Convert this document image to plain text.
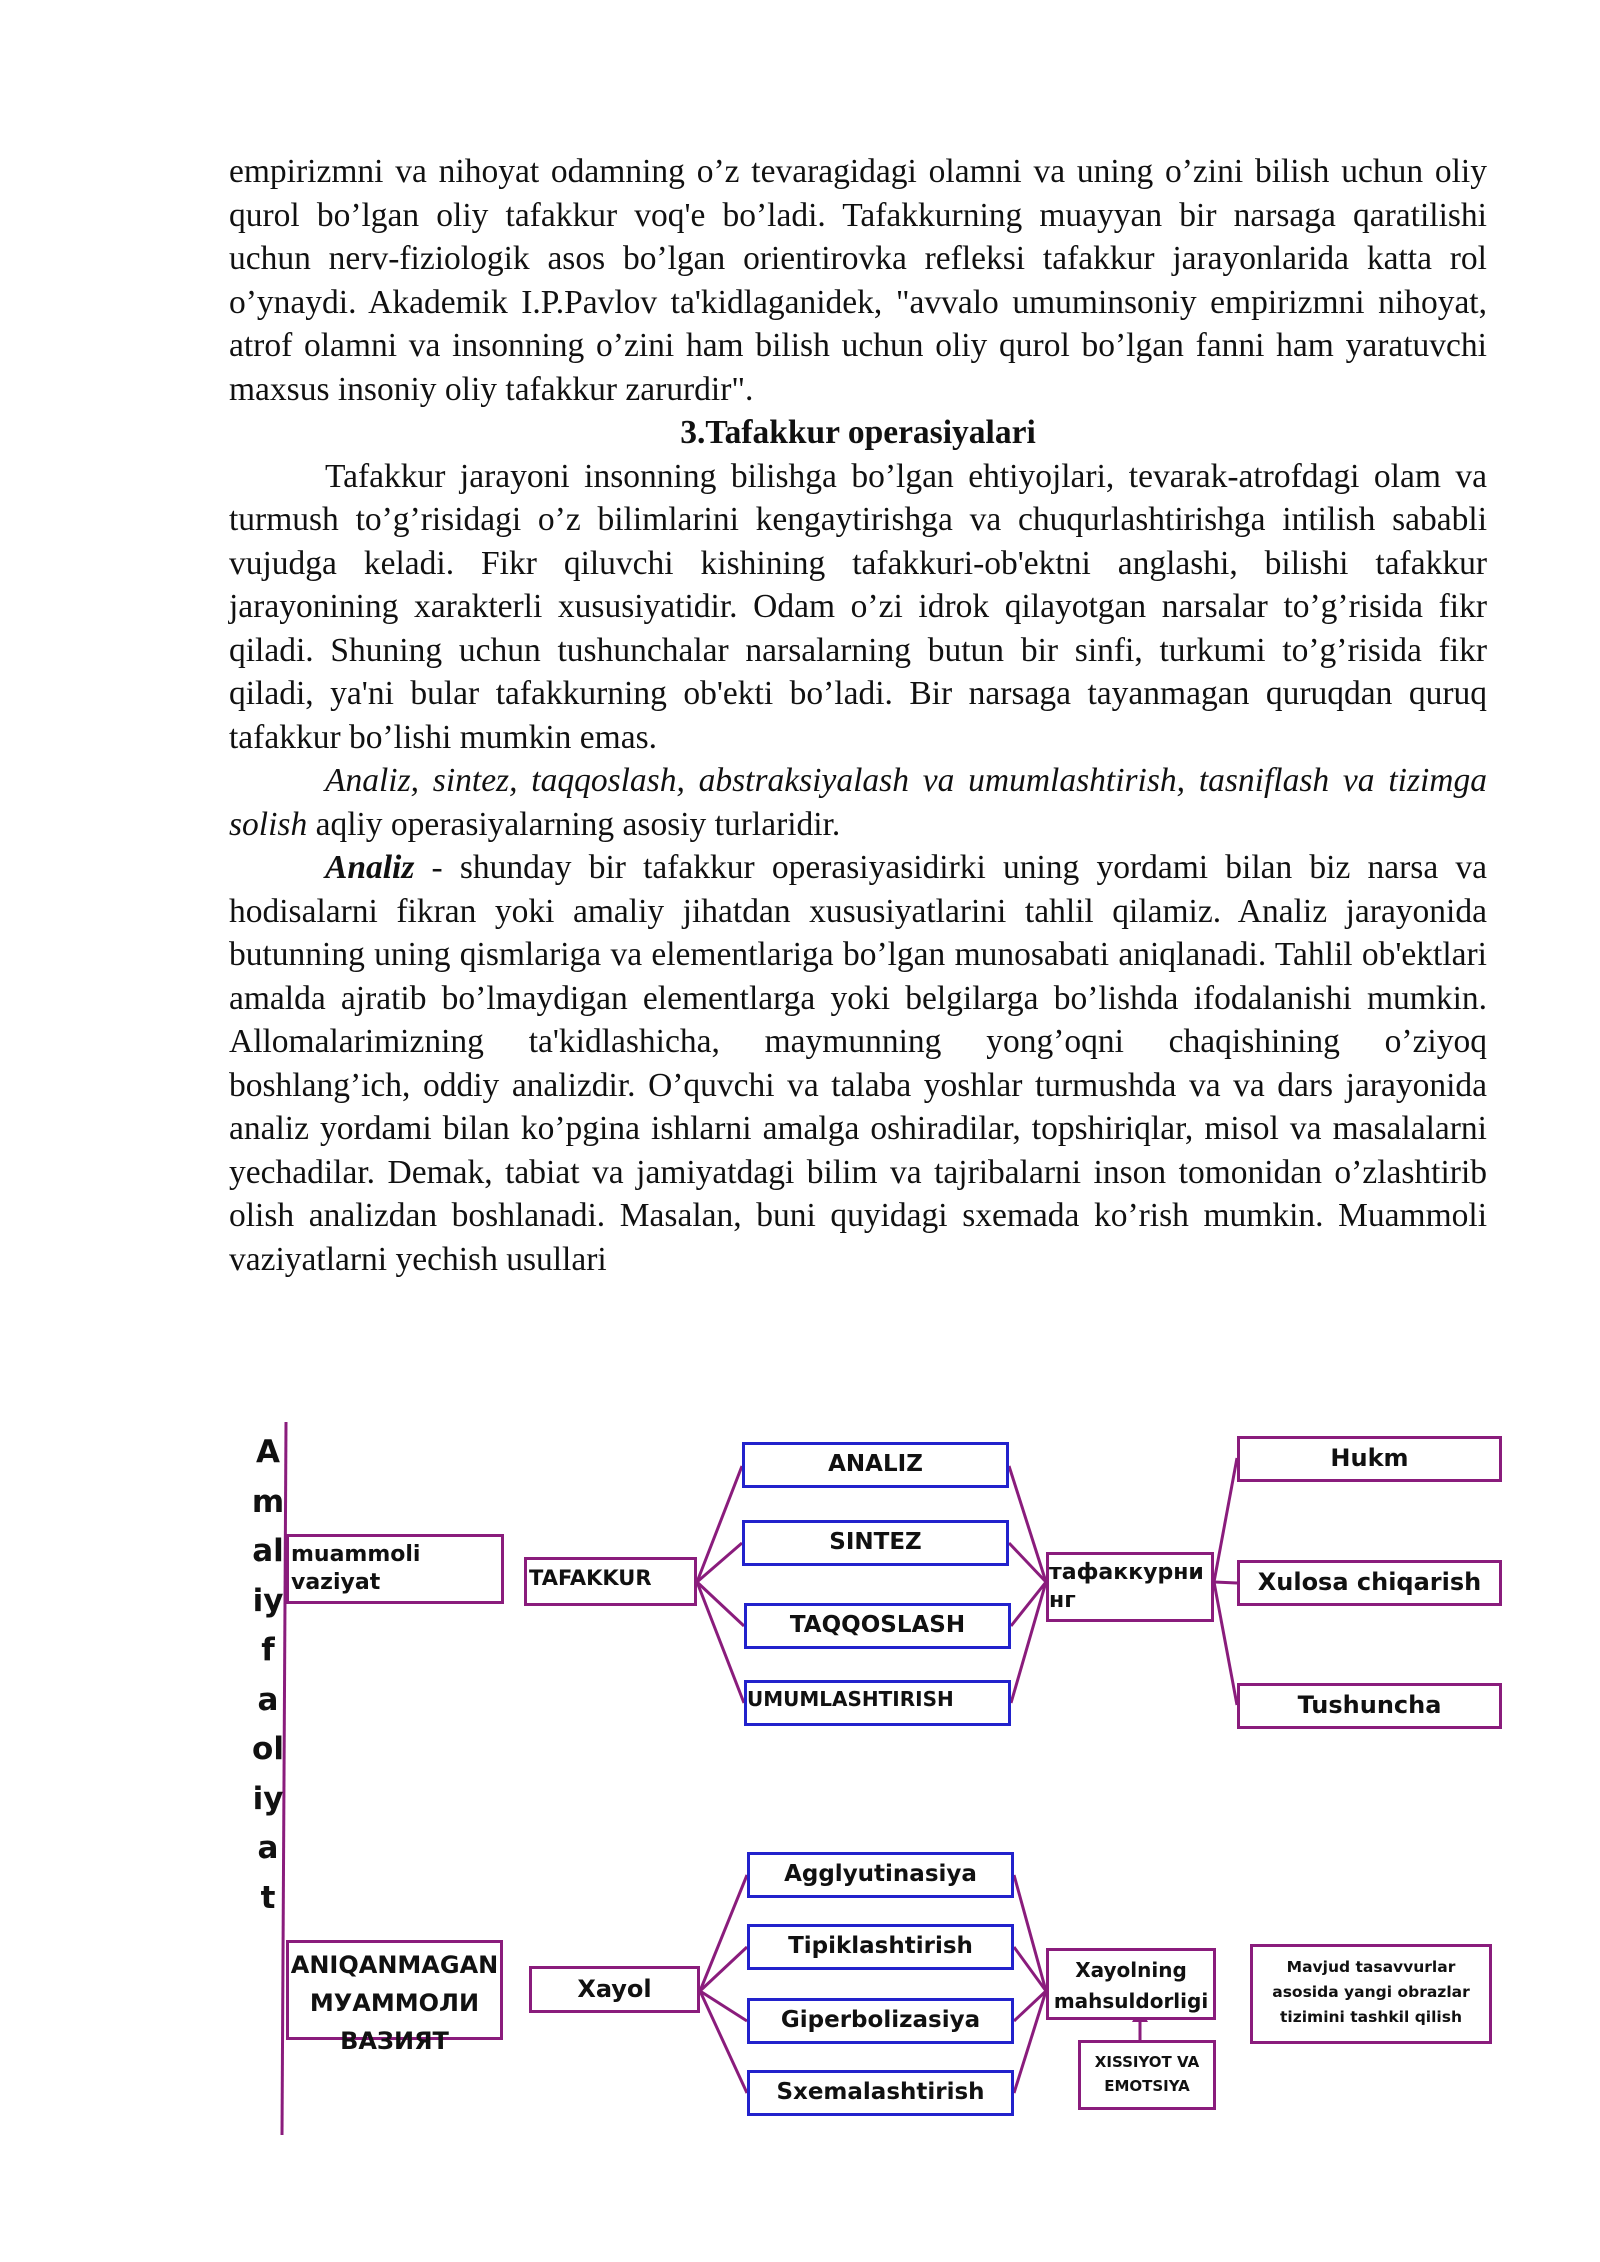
empirizmni va nihoyat odamning o’z tevaragidagi olamni va uning o’zini bilish uchun oliy qurol bo’lgan oliy tafakkur voq'e bo’ladi. Tafakkurning muayyan bir narsaga qaratilishi uchun nerv-fiziologik asos bo’lgan orientirovka refleksi tafakkur jarayonlarida katta rol o’ynaydi. Akademik I.P.Pavlov ta'kidlaganidek, "avvalo umuminsoniy empirizmni nihoyat, atrof olamni va insonning o’zini ham bilish uchun oliy qurol bo’lgan fanni ham yaratuvchi maxsus insoniy oliy tafakkur zarurdir".

3.Tafakkur operasiyalari

Tafakkur jarayoni insonning bilishga bo’lgan ehtiyojlari, tevarak-atrofdagi olam va turmush to’g’risidagi o’z bilimlarini kengaytirishga va chuqurlashtirishga intilish sababli vujudga keladi. Fikr qiluvchi kishining tafakkuri-ob'ektni anglashi, bilishi tafakkur jarayonining xarakterli xususiyatidir. Odam o’zi idrok qilayotgan narsalar to’g’risida fikr qiladi. Shuning uchun tushunchalar narsalarning butun bir sinfi, turkumi to’g’risida fikr qiladi, ya'ni bular tafakkurning ob'ekti bo’ladi. Bir narsaga tayanmagan quruqdan quruq tafakkur bo’lishi mumkin emas.

Analiz, sintez, taqqoslash, abstraksiyalash va umumlashtirish, tasniflash va tizimga solish aqliy operasiyalarning asosiy turlaridir.

Analiz - shunday bir tafakkur operasiyasidirki uning yordami bilan biz narsa va hodisalarni fikran yoki amaliy jihatdan xususiyatlarini tahlil qilamiz. Analiz jarayonida butunning uning qismlariga va elementlariga bo’lgan munosabati aniqlanadi. Tahlil ob'ektlari amalda ajratib bo’lmaydigan elementlarga yoki belgilarga bo’lishda ifodalanishi mumkin. Allomalarimizning ta'kidlashicha, maymunning yong’oqni chaqishining o’ziyoq boshlang’ich, oddiy analizdir. O’quvchi va talaba yoshlar turmushda va va dars jarayonida analiz yordami bilan ko’pgina ishlarni amalga oshiradilar, topshiriqlar, misol va masalalarni yechadilar. Demak, tabiat va jamiyatdagi bilim va tajribalarni inson tomonidan o’zlashtirib olish analizdan boshlanadi. Masalan, buni quyidagi sxemada ko’rish mumkin. Muammoli vaziyatlarni yechish usullari

A
m
al
iy
f
a
ol
iy
a
t
muammoli vaziyat	TAFAKKUR
ANALIZ
SINTEZ
TAQQOSLASH
UMUMLASHTIRISH
тафаккурнинг
Hukm
Xulosa chiqarish
Tushuncha
ANIQANMAGAN МУАММОЛИ ВАЗИЯТ
Xayol
Agglyutinasiya
Tipiklashtirish
Giperbolizasiya
Sxemalashtirish
Xayolning mahsuldorligi
XISSIYOT VA EMOTSIYA
Mavjud tasavvurlar asosida yangi obrazlar tizimini tashkil qilish
